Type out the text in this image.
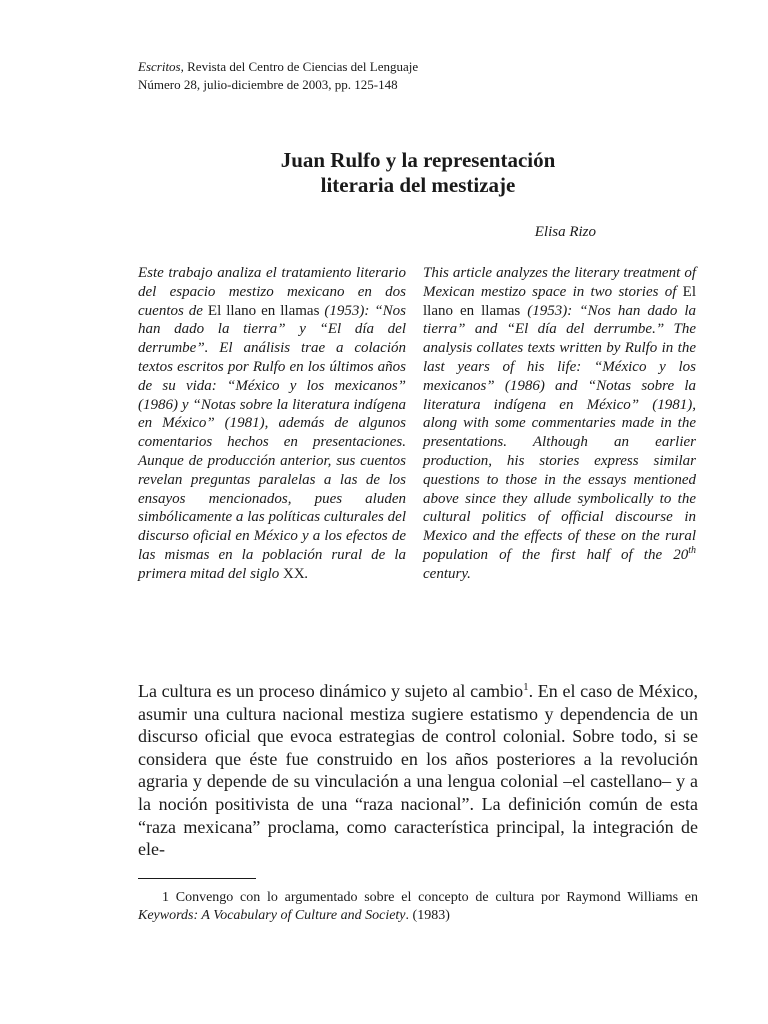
Escritos, Revista del Centro de Ciencias del Lenguaje
Número 28, julio-diciembre de 2003, pp. 125-148
Juan Rulfo y la representación
literaria del mestizaje
Elisa Rizo
Este trabajo analiza el tratamiento literario del espacio mestizo mexicano en dos cuentos de El llano en llamas (1953): “Nos han dado la tierra” y “El día del derrumbe”. El análisis trae a colación textos escritos por Rulfo en los últimos años de su vida: “México y los mexicanos” (1986) y “Notas sobre la literatura indígena en México” (1981), además de algunos comentarios hechos en presentaciones. Aunque de producción anterior, sus cuentos revelan preguntas paralelas a las de los ensayos mencionados, pues aluden simbólicamente a las políticas culturales del discurso oficial en México y a los efectos de las mismas en la población rural de la primera mitad del siglo XX.
This article analyzes the literary treatment of Mexican mestizo space in two stories of El llano en llamas (1953): “Nos han dado la tierra” and “El día del derrumbe.” The analysis collates texts written by Rulfo in the last years of his life: “México y los mexicanos” (1986) and “Notas sobre la literatura indígena en México” (1981), along with some commentaries made in the presentations. Although an earlier production, his stories express similar questions to those in the essays mentioned above since they allude symbolically to the cultural politics of official discourse in Mexico and the effects of these on the rural population of the first half of the 20th century.
La cultura es un proceso dinámico y sujeto al cambio$^1$. En el caso de México, asumir una cultura nacional mestiza sugiere estatismo y dependencia de un discurso oficial que evoca estrategias de control colonial. Sobre todo, si se considera que éste fue construido en los años posteriores a la revolución agraria y depende de su vinculación a una lengua colonial –el castellano– y a la noción positivista de una “raza nacional”. La definición común de esta “raza mexicana” proclama, como característica principal, la integración de ele-
1 Convengo con lo argumentado sobre el concepto de cultura por Raymond Williams en Keywords: A Vocabulary of Culture and Society. (1983)
